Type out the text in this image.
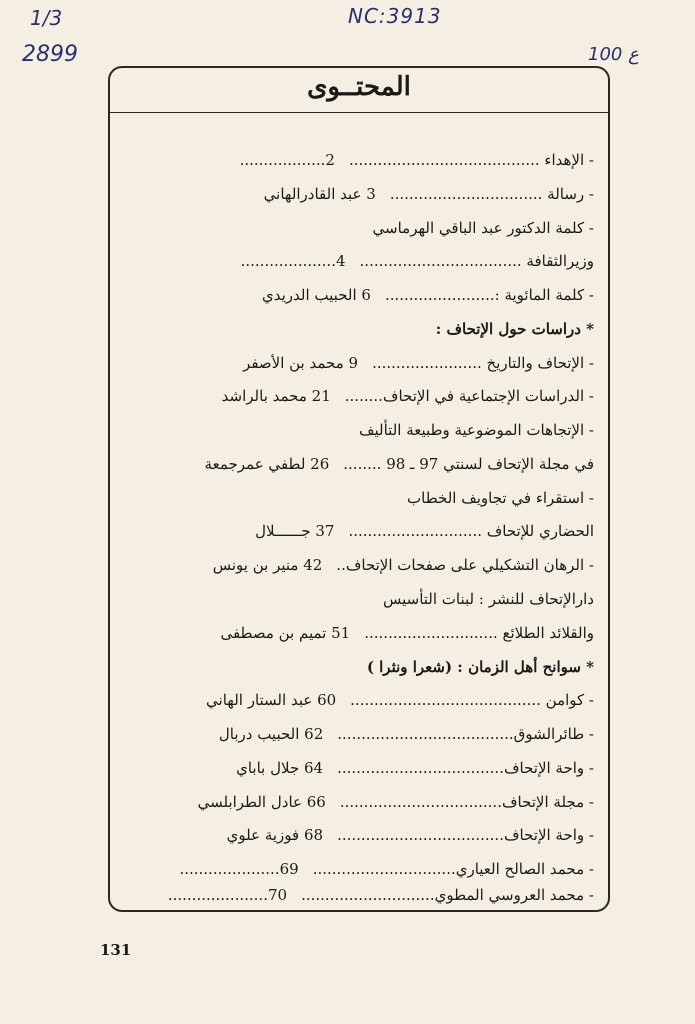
1/3
2899
NC:3913
100 ع
المحتــوى
- الإهداء ........................................
2..................
- رسالة ................................
3 عبد القادرالهاني
- كلمة الدكتور عبد الباقي الهرماسي
وزيرالثقافة ..................................
4....................
- كلمة المائوية :.......................
6 الحبيب الدريدي
* دراسات حول الإتحاف :
- الإتحاف والتاريخ .......................
9 محمد بن الأصفر
- الدراسات الإجتماعية في الإتحاف........
21 محمد بالراشد
- الإتجاهات الموضوعية وطبيعة التأليف
في مجلة الإتحاف لسنتي 97 ـ 98 ........
26 لطفي عمرجمعة
- استقراء في تجاويف الخطاب
الحضاري للإتحاف ............................
37 جــــــلال
- الرهان التشكيلي على صفحات الإتحاف..
42 منير بن يونس
دارالإتحاف للنشر : لبنات التأسيس
والقلائد الطلائع ............................
51 تميم بن مصطفى
* سوانح أهل الزمان : (شعرا ونثرا )
- كوامن ........................................
60 عبد الستار الهاني
- طائرالشوق.....................................
62 الحبيب دربال
- واحة الإتحاف...................................
64 جلال باباي
- مجلة الإتحاف..................................
66 عادل الطرابلسي
- واحة الإتحاف...................................
68 فوزية علوي
- محمد الصالح العياري..............................
69.....................
- محمد العروسي المطوي............................
70.....................
131
